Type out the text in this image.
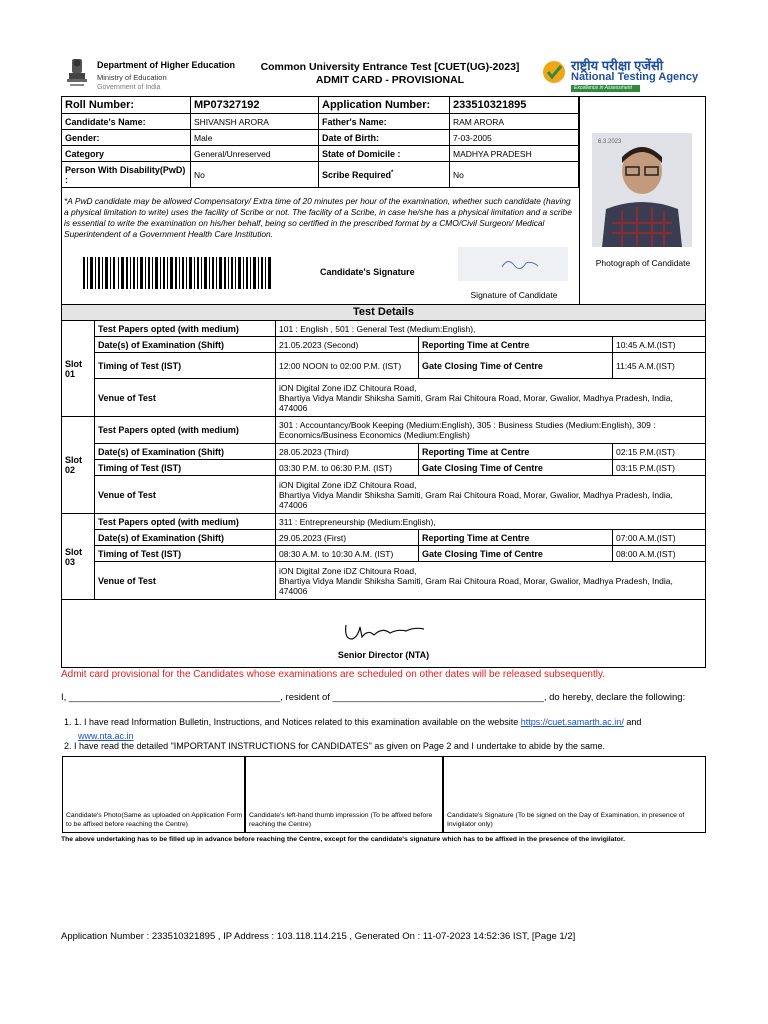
Department of Higher Education
Ministry of Education
Government of India
Common University Entrance Test [CUET(UG)-2023]
ADMIT CARD - PROVISIONAL
राष्ट्रीय परीक्षा एजेंसी
National Testing Agency
Excellence in Assessment
Roll Number:	MP07327192	Application Number:	233510321895
Candidate's Name:	SHIVANSH ARORA	Father's Name:	RAM ARORA
Gender:	Male	Date of Birth:	7-03-2005
Category	General/Unreserved	State of Domicile :	MADHYA PRADESH
Person With Disability(PwD) :	No	Scribe Required*	No
6.3.2023
Photograph of Candidate
*A PwD candidate may be allowed Compensatory/ Extra time of 20 minutes per hour of the examination, whether such candidate (having a physical limitation to write) uses the facility of Scribe or not. The facility of a Scribe, in case he/she has a physical limitation and a scribe is essential to write the examination on his/her behalf, being so certified in the prescribed format by a CMO/Civil Surgeon/ Medical Superintendent of a Government Health Care Institution.
Candidate's Signature
Signature of Candidate
Test Details
Slot
01	Test Papers opted (with medium)	101 : English , 501 : General Test (Medium:English),		
	Date(s) of Examination (Shift)	21.05.2023 (Second)	Reporting Time at Centre	10:45 A.M.(IST)
	Timing of Test (IST)	12:00 NOON to 02:00 P.M. (IST)	Gate Closing Time of Centre	11:45 A.M.(IST)
	Venue of Test	iON Digital Zone iDZ Chitoura Road,
Bhartiya Vidya Mandir Shiksha Samiti, Gram Rai Chitoura Road, Morar, Gwalior, Madhya Pradesh, India, 474006		
Slot
02	Test Papers opted (with medium)	301 : Accountancy/Book Keeping (Medium:English), 305 : Business Studies (Medium:English), 309 : Economics/Business Economics (Medium:English)		
	Date(s) of Examination (Shift)	28.05.2023 (Third)	Reporting Time at Centre	02:15 P.M.(IST)
	Timing of Test (IST)	03:30 P.M. to 06:30 P.M. (IST)	Gate Closing Time of Centre	03:15 P.M.(IST)
	Venue of Test	iON Digital Zone iDZ Chitoura Road,
Bhartiya Vidya Mandir Shiksha Samiti, Gram Rai Chitoura Road, Morar, Gwalior, Madhya Pradesh, India, 474006		
Slot
03	Test Papers opted (with medium)	311 : Entrepreneurship (Medium:English),		
	Date(s) of Examination (Shift)	29.05.2023 (First)	Reporting Time at Centre	07:00 A.M.(IST)
	Timing of Test (IST)	08:30 A.M. to 10:30 A.M. (IST)	Gate Closing Time of Centre	08:00 A.M.(IST)
	Venue of Test	iON Digital Zone iDZ Chitoura Road,
Bhartiya Vidya Mandir Shiksha Samiti, Gram Rai Chitoura Road, Morar, Gwalior, Madhya Pradesh, India, 474006		
Senior Director (NTA)
Admit card provisional for the Candidates whose examinations are scheduled on other dates will be released subsequently.
I, ________________________________________, resident of ________________________________________, do hereby, declare the following:
1. 1. I have read Information Bulletin, Instructions, and Notices related to this examination available on the website https://cuet.samarth.ac.in/ and
www.nta.ac.in
2. I have read the detailed "IMPORTANT INSTRUCTIONS for CANDIDATES" as given on Page 2 and I undertake to abide by the same.
Candidate's Photo(Same as uploaded on Application Form to be affixed before reaching the Centre)
Candidate's left-hand thumb impression (To be affixed before reaching the Centre)
Candidate's Signature (To be signed on the Day of Examination, in presence of Invigilator only)
The above undertaking has to be filled up in advance before reaching the Centre, except for the candidate's signature which has to be affixed in the presence of the invigilator.
Application Number : 233510321895 , IP Address : 103.118.114.215 , Generated On : 11-07-2023 14:52:36 IST, [Page 1/2]
